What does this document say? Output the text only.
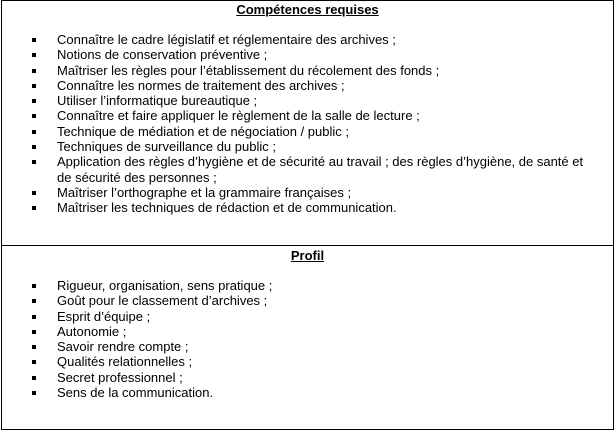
Compétences requises
Connaître le cadre législatif et réglementaire des archives ;
Notions de conservation préventive ;
Maîtriser les règles pour l’établissement du récolement des fonds ;
Connaître les normes de traitement des archives ;
Utiliser l’informatique bureautique ;
Connaître et faire appliquer le règlement de la salle de lecture ;
Technique de médiation et de négociation / public ;
Techniques de surveillance du public ;
Application des règles d’hygiène et de sécurité au travail ; des règles d’hygiène, de santé et de sécurité des personnes ;
Maîtriser l’orthographe et la grammaire françaises ;
Maîtriser les techniques de rédaction et de communication.
Profil
Rigueur, organisation, sens pratique ;
Goût pour le classement d’archives ;
Esprit d’équipe ;
Autonomie ;
Savoir rendre compte ;
Qualités relationnelles ;
Secret professionnel ;
Sens de la communication.
